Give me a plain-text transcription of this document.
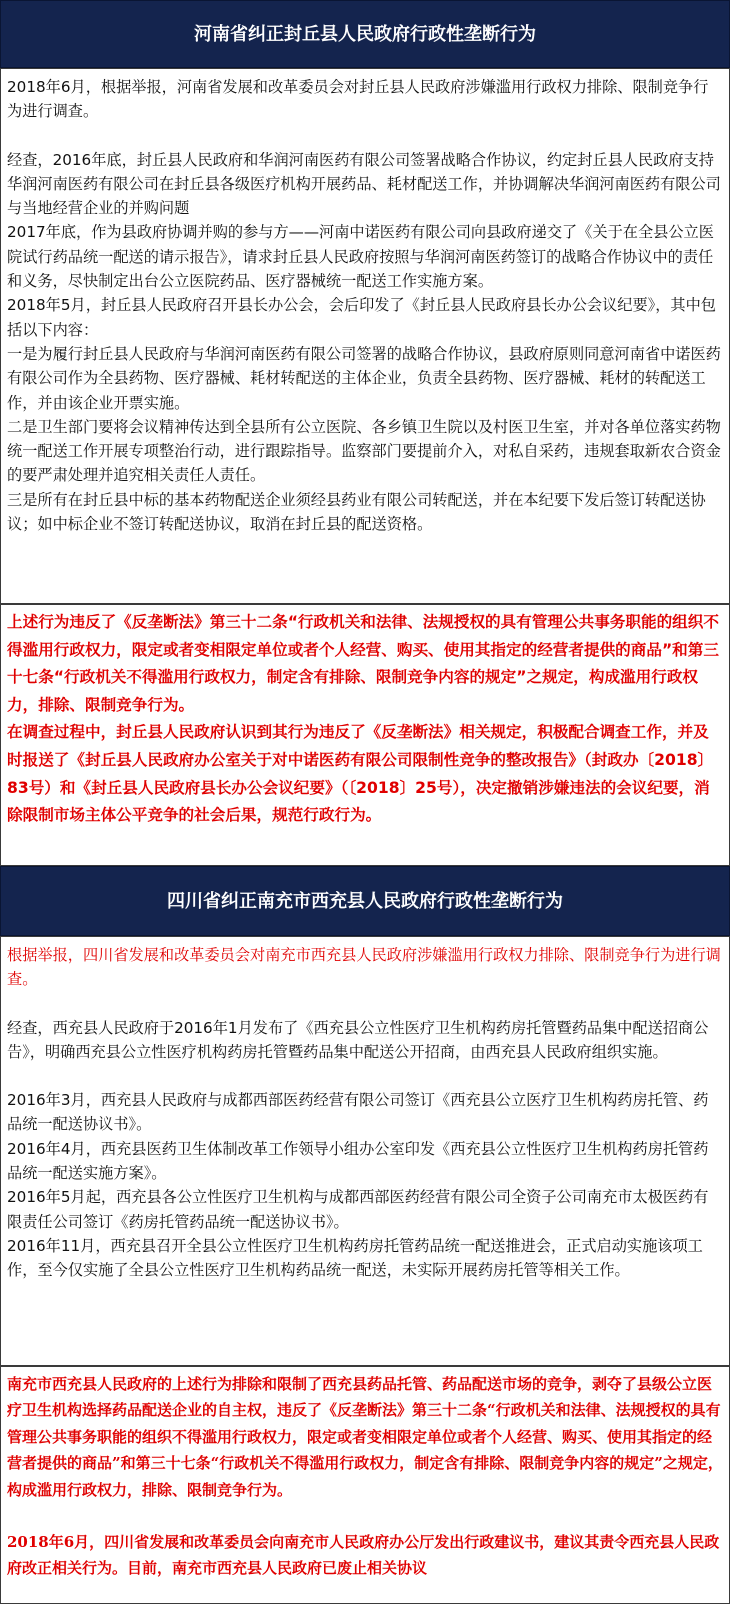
河南省纠正封丘县人民政府行政性垄断行为

2018年6月，根据举报，河南省发展和改革委员会对封丘县人民政府涉嫌滥用行政权力排除、限制竞争行为进行调查。

经查，2016年底，封丘县人民政府和华润河南医药有限公司签署战略合作协议，约定封丘县人民政府支持华润河南医药有限公司在封丘县各级医疗机构开展药品、耗材配送工作，并协调解决华润河南医药有限公司与当地经营企业的并购问题

2017年底，作为县政府协调并购的参与方——河南中诺医药有限公司向县政府递交了《关于在全县公立医院试行药品统一配送的请示报告》，请求封丘县人民政府按照与华润河南医药签订的战略合作协议中的责任和义务，尽快制定出台公立医院药品、医疗器械统一配送工作实施方案。

2018年5月，封丘县人民政府召开县长办公会，会后印发了《封丘县人民政府县长办公会议纪要》，其中包括以下内容：

一是为履行封丘县人民政府与华润河南医药有限公司签署的战略合作协议，县政府原则同意河南省中诺医药有限公司作为全县药物、医疗器械、耗材转配送的主体企业，负责全县药物、医疗器械、耗材的转配送工作，并由该企业开票实施。

二是卫生部门要将会议精神传达到全县所有公立医院、各乡镇卫生院以及村医卫生室，并对各单位落实药物统一配送工作开展专项整治行动，进行跟踪指导。监察部门要提前介入，对私自采药，违规套取新农合资金的要严肃处理并追究相关责任人责任。

三是所有在封丘县中标的基本药物配送企业须经县药业有限公司转配送，并在本纪要下发后签订转配送协议；如中标企业不签订转配送协议，取消在封丘县的配送资格。

上述行为违反了《反垄断法》第三十二条“行政机关和法律、法规授权的具有管理公共事务职能的组织不得滥用行政权力，限定或者变相限定单位或者个人经营、购买、使用其指定的经营者提供的商品”和第三十七条“行政机关不得滥用行政权力，制定含有排除、限制竞争内容的规定”之规定，构成滥用行政权力，排除、限制竞争行为。

在调查过程中，封丘县人民政府认识到其行为违反了《反垄断法》相关规定，积极配合调查工作，并及时报送了《封丘县人民政府办公室关于对中诺医药有限公司限制性竞争的整改报告》（封政办〔2018〕83号）和《封丘县人民政府县长办公会议纪要》（〔2018〕25号），决定撤销涉嫌违法的会议纪要，消除限制市场主体公平竞争的社会后果，规范行政行为。

四川省纠正南充市西充县人民政府行政性垄断行为

根据举报，四川省发展和改革委员会对南充市西充县人民政府涉嫌滥用行政权力排除、限制竞争行为进行调查。

经查，西充县人民政府于2016年1月发布了《西充县公立性医疗卫生机构药房托管暨药品集中配送招商公告》，明确西充县公立性医疗机构药房托管暨药品集中配送公开招商，由西充县人民政府组织实施。

2016年3月，西充县人民政府与成都西部医药经营有限公司签订《西充县公立医疗卫生机构药房托管、药品统一配送协议书》。

2016年4月，西充县医药卫生体制改革工作领导小组办公室印发《西充县公立性医疗卫生机构药房托管药品统一配送实施方案》。

2016年5月起，西充县各公立性医疗卫生机构与成都西部医药经营有限公司全资子公司南充市太极医药有限责任公司签订《药房托管药品统一配送协议书》。

2016年11月，西充县召开全县公立性医疗卫生机构药房托管药品统一配送推进会，正式启动实施该项工作，至今仅实施了全县公立性医疗卫生机构药品统一配送，未实际开展药房托管等相关工作。

南充市西充县人民政府的上述行为排除和限制了西充县药品托管、药品配送市场的竞争，剥夺了县级公立医疗卫生机构选择药品配送企业的自主权，违反了《反垄断法》第三十二条“行政机关和法律、法规授权的具有管理公共事务职能的组织不得滥用行政权力，限定或者变相限定单位或者个人经营、购买、使用其指定的经营者提供的商品”和第三十七条“行政机关不得滥用行政权力，制定含有排除、限制竞争内容的规定”之规定，构成滥用行政权力，排除、限制竞争行为。

2018年6月，四川省发展和改革委员会向南充市人民政府办公厅发出行政建议书，建议其责令西充县人民政府改正相关行为。目前，南充市西充县人民政府已废止相关协议
